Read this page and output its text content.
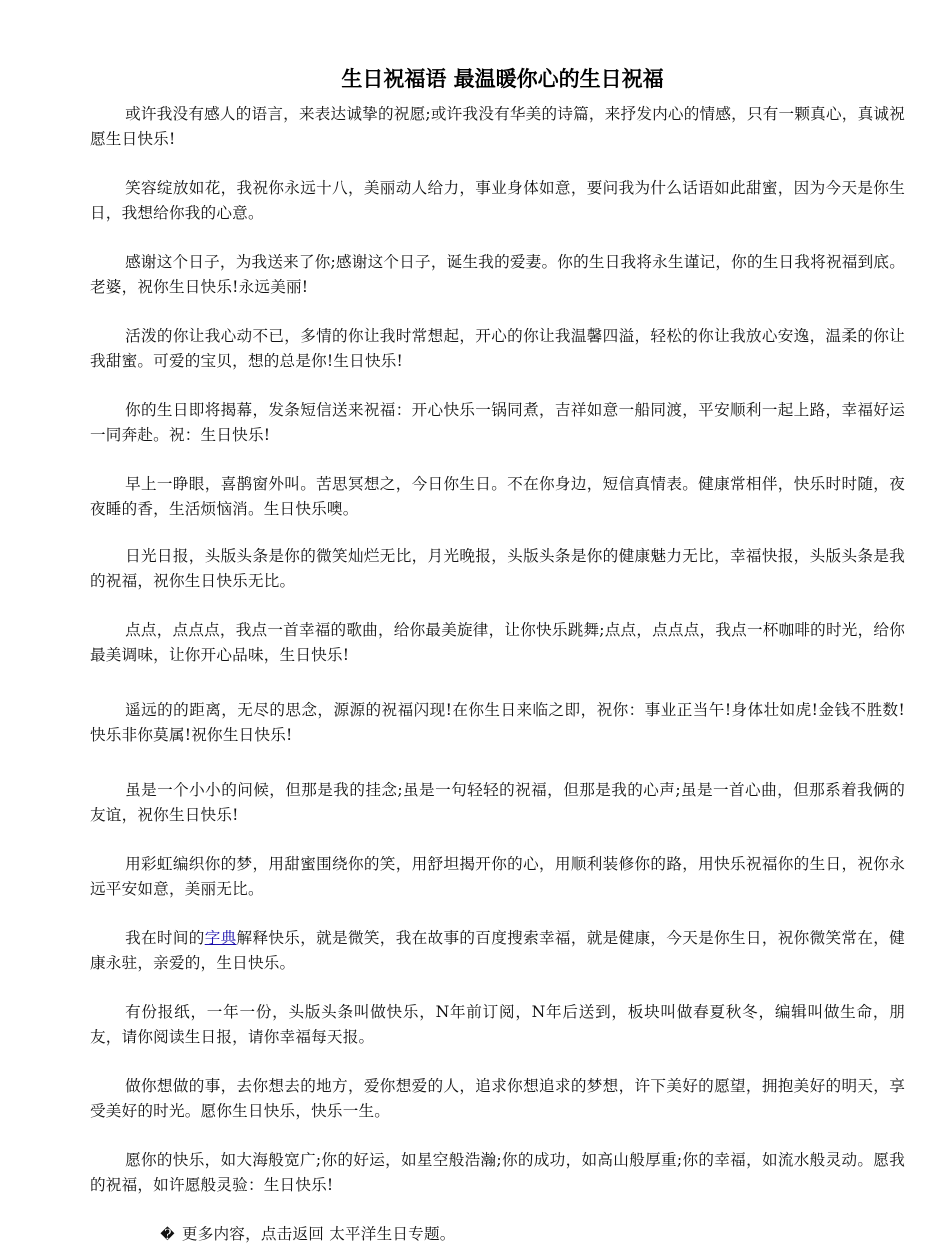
生日祝福语 最温暖你心的生日祝福

或许我没有感人的语言，来表达诚挚的祝愿;或许我没有华美的诗篇，来抒发内心的情感，只有一颗真心，真诚祝愿生日快乐!

笑容绽放如花，我祝你永远十八，美丽动人给力，事业身体如意，要问我为什么话语如此甜蜜，因为今天是你生日，我想给你我的心意。

感谢这个日子，为我送来了你;感谢这个日子，诞生我的爱妻。你的生日我将永生谨记，你的生日我将祝福到底。老婆，祝你生日快乐!永远美丽!

活泼的你让我心动不已，多情的你让我时常想起，开心的你让我温馨四溢，轻松的你让我放心安逸，温柔的你让我甜蜜。可爱的宝贝，想的总是你!生日快乐!

你的生日即将揭幕，发条短信送来祝福：开心快乐一锅同煮，吉祥如意一船同渡，平安顺利一起上路，幸福好运一同奔赴。祝：生日快乐!

早上一睁眼，喜鹊窗外叫。苦思冥想之，今日你生日。不在你身边，短信真情表。健康常相伴，快乐时时随，夜夜睡的香，生活烦恼消。生日快乐噢。

日光日报，头版头条是你的微笑灿烂无比，月光晚报，头版头条是你的健康魅力无比，幸福快报，头版头条是我的祝福，祝你生日快乐无比。

点点，点点点，我点一首幸福的歌曲，给你最美旋律，让你快乐跳舞;点点，点点点，我点一杯咖啡的时光，给你最美调味，让你开心品味，生日快乐!

遥远的的距离，无尽的思念，源源的祝福闪现!在你生日来临之即，祝你：事业正当午!身体壮如虎!金钱不胜数!快乐非你莫属!祝你生日快乐!

虽是一个小小的问候，但那是我的挂念;虽是一句轻轻的祝福，但那是我的心声;虽是一首心曲，但那系着我俩的友谊，祝你生日快乐!

用彩虹编织你的梦，用甜蜜围绕你的笑，用舒坦揭开你的心，用顺利装修你的路，用快乐祝福你的生日，祝你永远平安如意，美丽无比。

我在时间的字典解释快乐，就是微笑，我在故事的百度搜索幸福，就是健康，今天是你生日，祝你微笑常在，健康永驻，亲爱的，生日快乐。

有份报纸，一年一份，头版头条叫做快乐，N年前订阅，N年后送到，板块叫做春夏秋冬，编辑叫做生命，朋友，请你阅读生日报，请你幸福每天报。

做你想做的事，去你想去的地方，爱你想爱的人，追求你想追求的梦想，许下美好的愿望，拥抱美好的明天，享受美好的时光。愿你生日快乐，快乐一生。

愿你的快乐，如大海般宽广;你的好运，如星空般浩瀚;你的成功，如高山般厚重;你的幸福，如流水般灵动。愿我的祝福，如许愿般灵验：生日快乐!

� 更多内容，点击返回 太平洋生日专题。
